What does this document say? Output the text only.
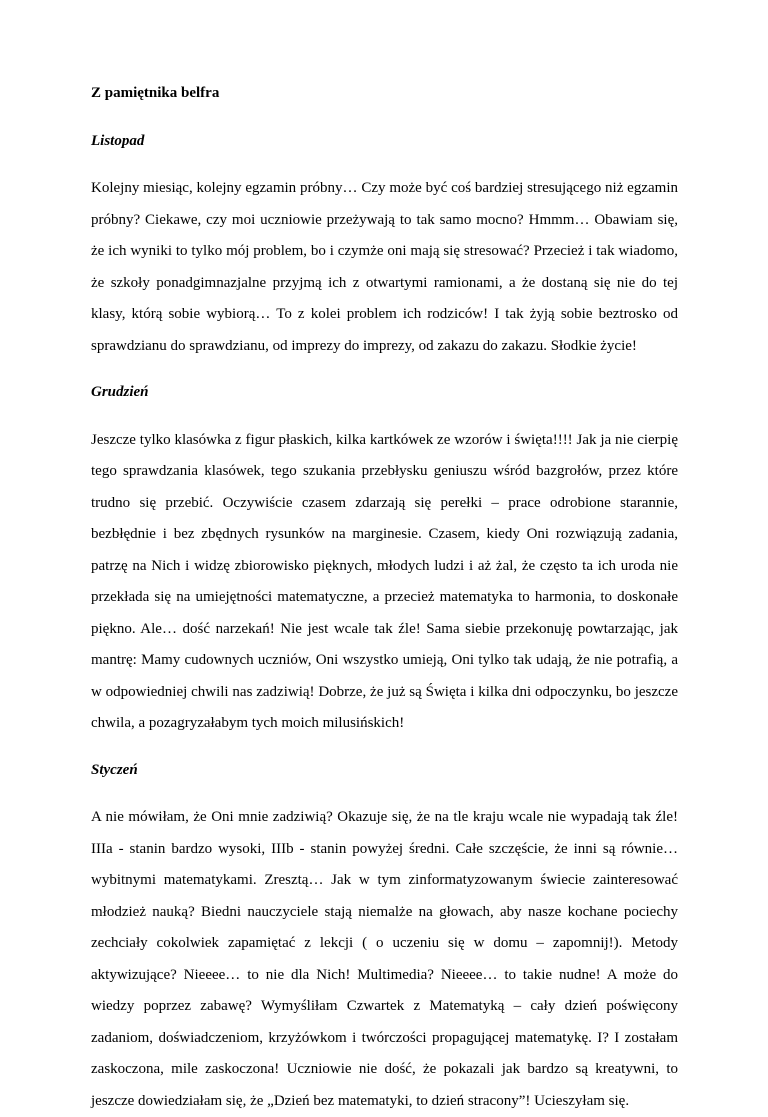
Z pamiętnika belfra

Listopad

Kolejny miesiąc, kolejny egzamin próbny… Czy może być coś bardziej stresującego niż egzamin próbny? Ciekawe, czy moi uczniowie przeżywają to tak samo mocno? Hmmm… Obawiam się, że ich wyniki to tylko mój problem, bo i czymże oni mają się stresować? Przecież i tak wiadomo, że szkoły ponadgimnazjalne przyjmą ich z otwartymi ramionami, a że dostaną się nie do tej klasy, którą sobie wybiorą… To z kolei problem ich rodziców! I tak żyją sobie beztrosko od sprawdzianu do sprawdzianu, od imprezy do imprezy, od zakazu do zakazu. Słodkie życie!

Grudzień

Jeszcze tylko klasówka z figur płaskich, kilka kartkówek ze wzorów i święta!!!! Jak ja nie cierpię tego sprawdzania klasówek, tego szukania przebłysku geniuszu wśród bazgrołów, przez które trudno się przebić. Oczywiście czasem zdarzają się perełki – prace odrobione starannie, bezbłędnie i bez zbędnych rysunków na marginesie. Czasem, kiedy Oni rozwiązują zadania, patrzę na Nich i widzę zbiorowisko pięknych, młodych ludzi i aż żal, że często ta ich uroda nie przekłada się na umiejętności matematyczne, a przecież matematyka to harmonia, to doskonałe piękno. Ale… dość narzekań! Nie jest wcale tak źle! Sama siebie przekonuję powtarzając, jak mantrę: Mamy cudownych uczniów, Oni wszystko umieją, Oni tylko tak udają, że nie potrafią, a w odpowiedniej chwili nas zadziwią! Dobrze, że już są Święta i kilka dni odpoczynku, bo jeszcze chwila, a pozagryzałabym tych moich milusińskich!

Styczeń

A nie mówiłam, że Oni mnie zadziwią? Okazuje się, że na tle kraju wcale nie wypadają tak źle! IIIa - stanin bardzo wysoki, IIIb - stanin powyżej średni. Całe szczęście, że inni są równie…wybitnymi matematykami. Zresztą… Jak w tym zinformatyzowanym świecie zainteresować młodzież nauką? Biedni nauczyciele stają niemalże na głowach, aby nasze kochane pociechy zechciały cokolwiek zapamiętać z lekcji ( o uczeniu się w domu – zapomnij!). Metody aktywizujące? Nieeee… to nie dla Nich! Multimedia? Nieeee… to takie nudne! A może do wiedzy poprzez zabawę? Wymyśliłam Czwartek z Matematyką – cały dzień poświęcony zadaniom, doświadczeniom, krzyżówkom i twórczości propagującej matematykę. I? I zostałam zaskoczona, mile zaskoczona! Uczniowie nie dość, że pokazali jak bardzo są kreatywni, to jeszcze dowiedziałam się, że „Dzień bez matematyki, to dzień stracony”! Ucieszyłam się.
